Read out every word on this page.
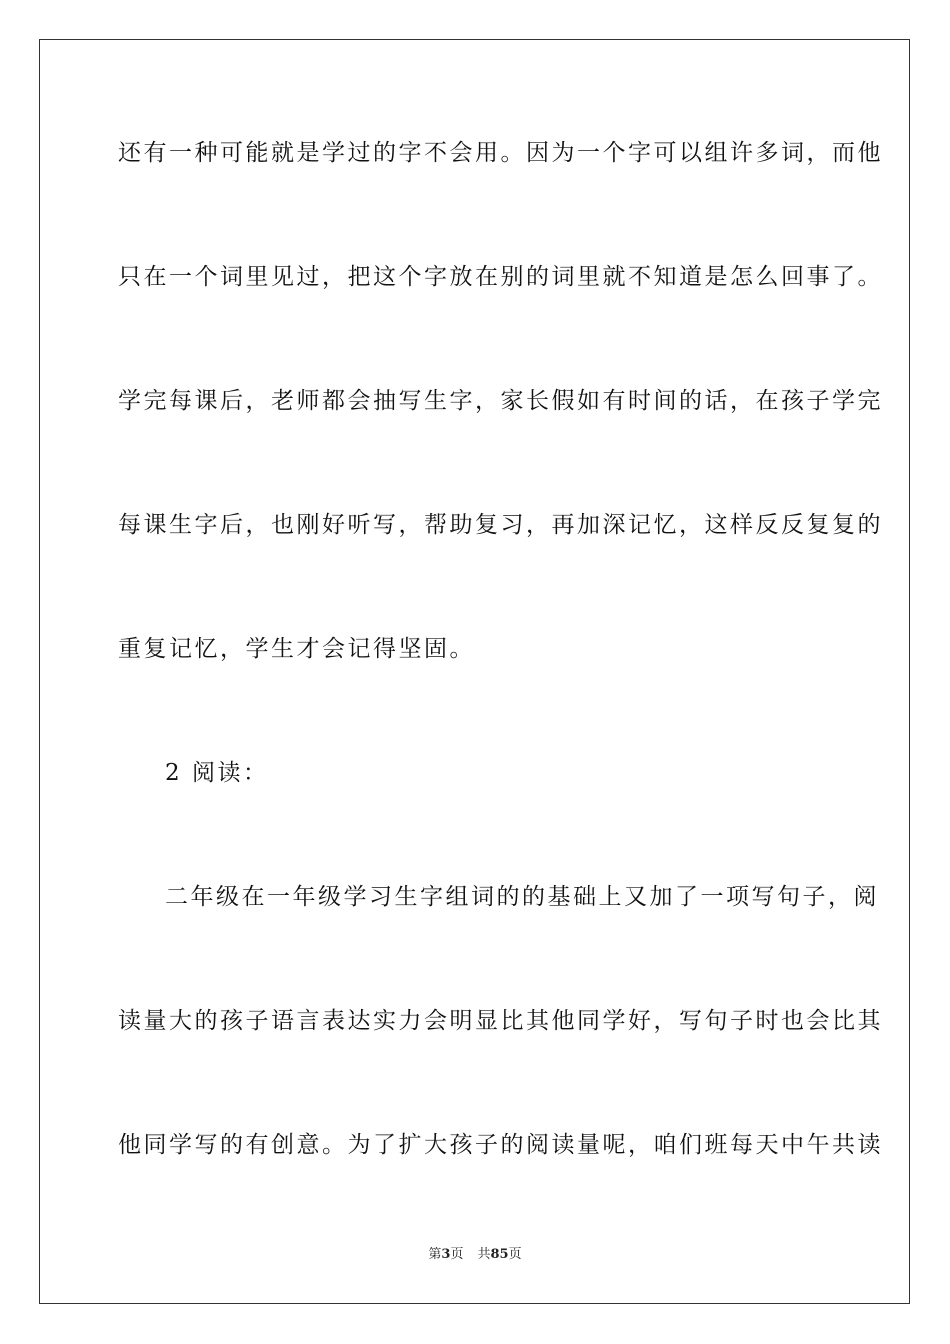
还有一种可能就是学过的字不会用。因为一个字可以组许多词，而他
只在一个词里见过，把这个字放在别的词里就不知道是怎么回事了。
学完每课后，老师都会抽写生字，家长假如有时间的话，在孩子学完
每课生字后，也刚好听写，帮助复习，再加深记忆，这样反反复复的
重复记忆，学生才会记得坚固。
2 阅读：
二年级在一年级学习生字组词的的基础上又加了一项写句子，阅
读量大的孩子语言表达实力会明显比其他同学好，写句子时也会比其
他同学写的有创意。为了扩大孩子的阅读量呢，咱们班每天中午共读
第3页 共85页
